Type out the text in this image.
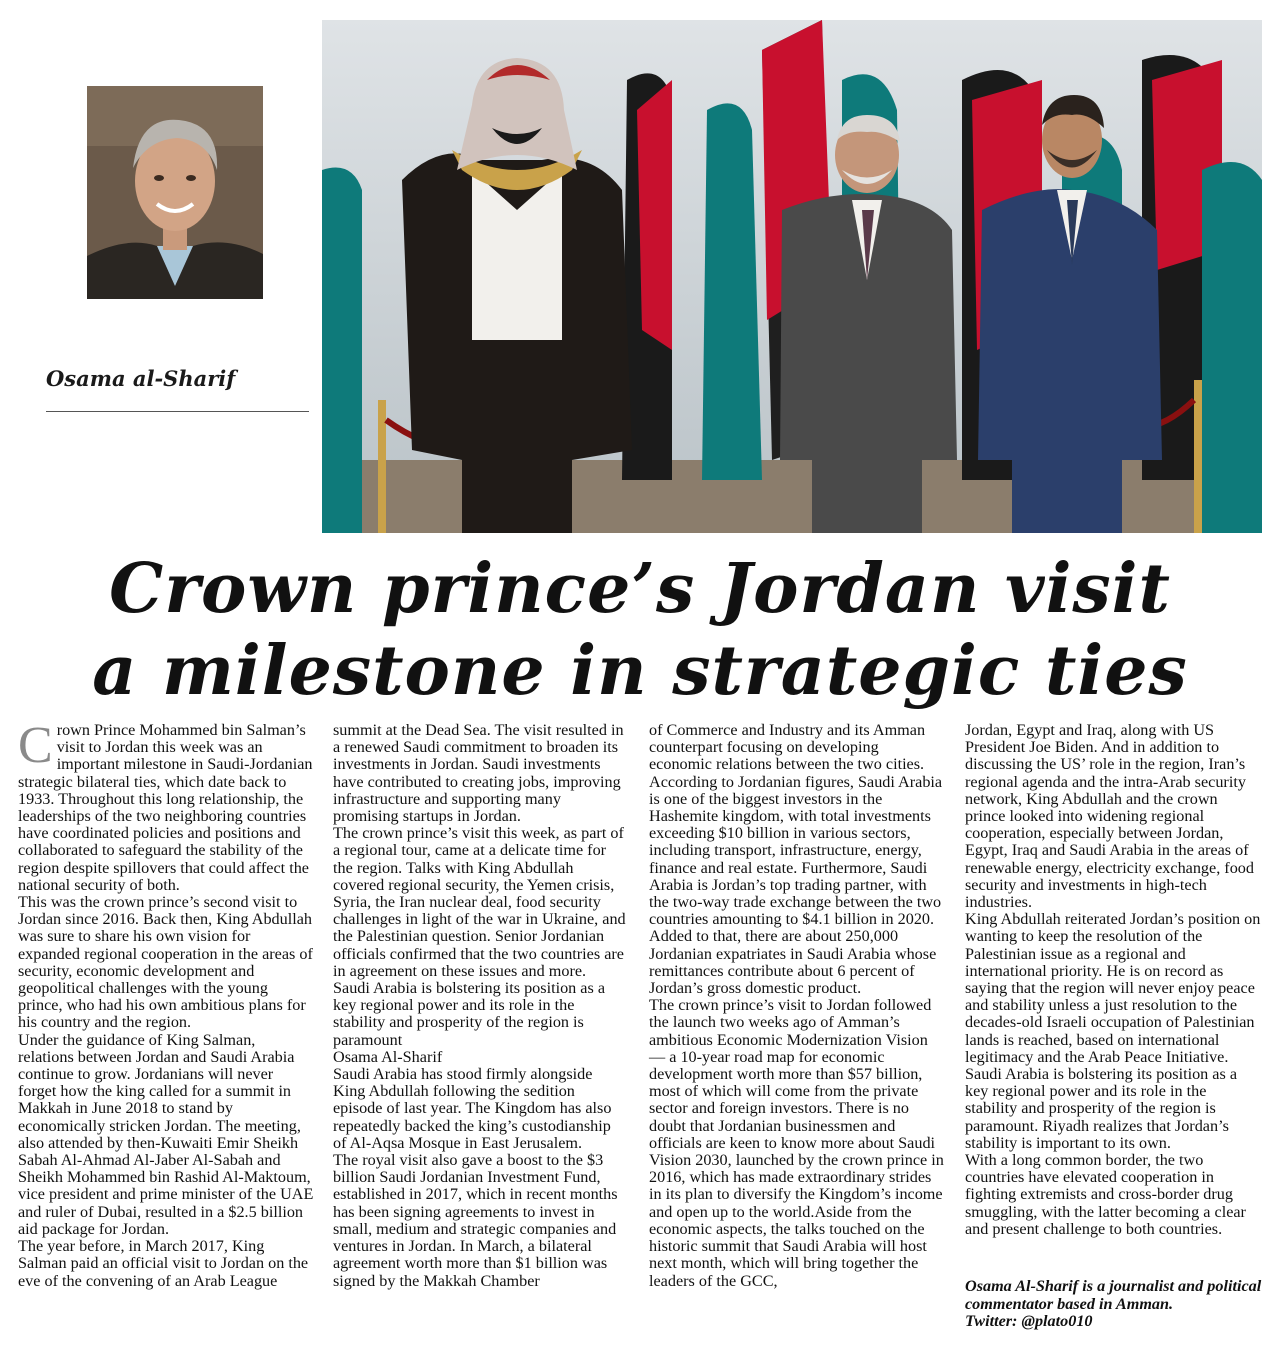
Osama al-Sharif
Crown prince’s Jordan visit
a milestone in strategic ties
C rown Prince Mohammed bin Salman’s visit to Jordan this week was an important milestone in Saudi-Jordanian strategic bilateral ties, which date back to 1933. Throughout this long relationship, the leaderships of the two neighboring countries have coordinated policies and positions and collaborated to safeguard the stability of the region despite spillovers that could affect the national security of both.

This was the crown prince’s second visit to Jordan since 2016. Back then, King Abdullah was sure to share his own vision for expanded regional cooperation in the areas of security, economic development and geopolitical challenges with the young prince, who had his own ambitious plans for his country and the region.

Under the guidance of King Salman, relations between Jordan and Saudi Arabia continue to grow. Jordanians will never forget how the king called for a summit in Makkah in June 2018 to stand by economically stricken Jordan. The meeting, also attended by then-Kuwaiti Emir Sheikh Sabah Al-Ahmad Al-Jaber Al-Sabah and Sheikh Mohammed bin Rashid Al-Maktoum, vice president and prime minister of the UAE and ruler of Dubai, resulted in a $2.5 billion aid package for Jordan.

The year before, in March 2017, King Salman paid an official visit to Jordan on the eve of the convening of an Arab League

summit at the Dead Sea. The visit resulted in a renewed Saudi commitment to broaden its investments in Jordan. Saudi investments have contributed to creating jobs, improving infrastructure and supporting many promising startups in Jordan.

The crown prince’s visit this week, as part of a regional tour, came at a delicate time for the region. Talks with King Abdullah covered regional security, the Yemen crisis, Syria, the Iran nuclear deal, food security challenges in light of the war in Ukraine, and the Palestinian question. Senior Jordanian officials confirmed that the two countries are in agreement on these issues and more.

Saudi Arabia is bolstering its position as a key regional power and its role in the stability and prosperity of the region is paramount

Osama Al-Sharif

Saudi Arabia has stood firmly alongside King Abdullah following the sedition episode of last year. The Kingdom has also repeatedly backed the king’s custodianship of Al-Aqsa Mosque in East Jerusalem.

The royal visit also gave a boost to the $3 billion Saudi Jordanian Investment Fund, established in 2017, which in recent months has been signing agreements to invest in small, medium and strategic companies and ventures in Jordan. In March, a bilateral agreement worth more than $1 billion was signed by the Makkah Chamber

of Commerce and Industry and its Amman counterpart focusing on developing economic relations between the two cities.

According to Jordanian figures, Saudi Arabia is one of the biggest investors in the Hashemite kingdom, with total investments exceeding $10 billion in various sectors, including transport, infrastructure, energy, finance and real estate. Furthermore, Saudi Arabia is Jordan’s top trading partner, with the two-way trade exchange between the two countries amounting to $4.1 billion in 2020. Added to that, there are about 250,000 Jordanian expatriates in Saudi Arabia whose remittances contribute about 6 percent of Jordan’s gross domestic product.

The crown prince’s visit to Jordan followed the launch two weeks ago of Amman’s ambitious Economic Modernization Vision — a 10-year road map for economic development worth more than $57 billion, most of which will come from the private sector and foreign investors. There is no doubt that Jordanian businessmen and officials are keen to know more about Saudi Vision 2030, launched by the crown prince in 2016, which has made extraordinary strides in its plan to diversify the Kingdom’s income and open up to the world.Aside from the economic aspects, the talks touched on the historic summit that Saudi Arabia will host next month, which will bring together the leaders of the GCC,

Jordan, Egypt and Iraq, along with US President Joe Biden. And in addition to discussing the US’ role in the region, Iran’s regional agenda and the intra-Arab security network, King Abdullah and the crown prince looked into widening regional cooperation, especially between Jordan, Egypt, Iraq and Saudi Arabia in the areas of renewable energy, electricity exchange, food security and investments in high-tech industries.

King Abdullah reiterated Jordan’s position on wanting to keep the resolution of the Palestinian issue as a regional and international priority. He is on record as saying that the region will never enjoy peace and stability unless a just resolution to the decades-old Israeli occupation of Palestinian lands is reached, based on international legitimacy and the Arab Peace Initiative. Saudi Arabia is bolstering its position as a key regional power and its role in the stability and prosperity of the region is paramount. Riyadh realizes that Jordan’s stability is important to its own.

With a long common border, the two countries have elevated cooperation in fighting extremists and cross-border drug smuggling, with the latter becoming a clear and present challenge to both countries.

Osama Al-Sharif is a journalist and political commentator based in Amman.

Twitter: @plato010
